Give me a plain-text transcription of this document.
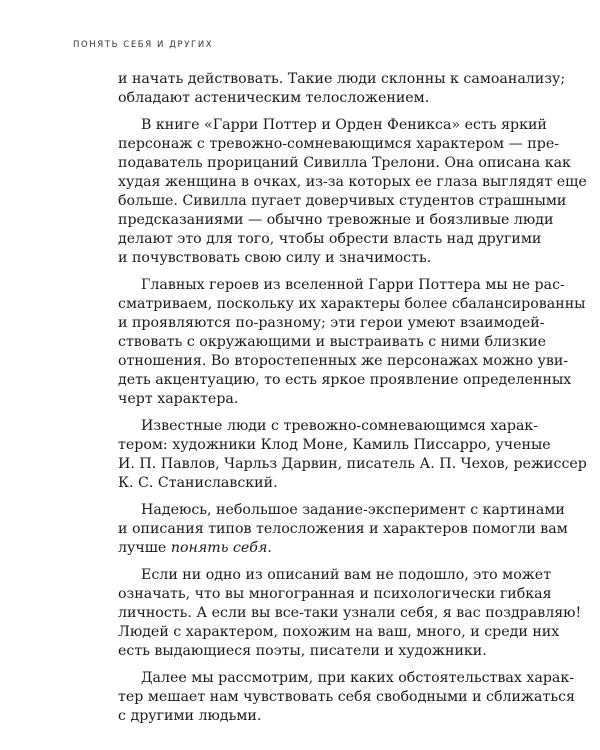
ПОНЯТЬ СЕБЯ И ДРУГИХ

и начать действовать. Такие люди склонны к самоанализу;
обладают астеническим телосложением.

В книге «Гарри Поттер и Орден Феникса» есть яркий
персонаж с тревожно-сомневающимся характером — пре-
подаватель прорицаний Сивилла Трелони. Она описана как
худая женщина в очках, из-за которых ее глаза выглядят еще
больше. Сивилла пугает доверчивых студентов страшными
предсказаниями — обычно тревожные и боязливые люди
делают это для того, чтобы обрести власть над другими
и почувствовать свою силу и значимость.

Главных героев из вселенной Гарри Поттера мы не рас-
сматриваем, поскольку их характеры более сбалансированны
и проявляются по-разному; эти герои умеют взаимодей-
ствовать с окружающими и выстраивать с ними близкие
отношения. Во второстепенных же персонажах можно уви-
деть акцентуацию, то есть яркое проявление определенных
черт характера.

Известные люди с тревожно-сомневающимся харак-
тером: художники Клод Моне, Камиль Писсарро, ученые
И. П. Павлов, Чарльз Дарвин, писатель А. П. Чехов, режиссер
К. С. Станиславский.

Надеюсь, небольшое задание-эксперимент с картинами
и описания типов телосложения и характеров помогли вам
лучше понять себя.

Если ни одно из описаний вам не подошло, это может
означать, что вы многогранная и психологически гибкая
личность. А если вы все-таки узнали себя, я вас поздравляю!
Людей с характером, похожим на ваш, много, и среди них
есть выдающиеся поэты, писатели и художники.

Далее мы рассмотрим, при каких обстоятельствах харак-
тер мешает нам чувствовать себя свободными и сближаться
с другими людьми.
